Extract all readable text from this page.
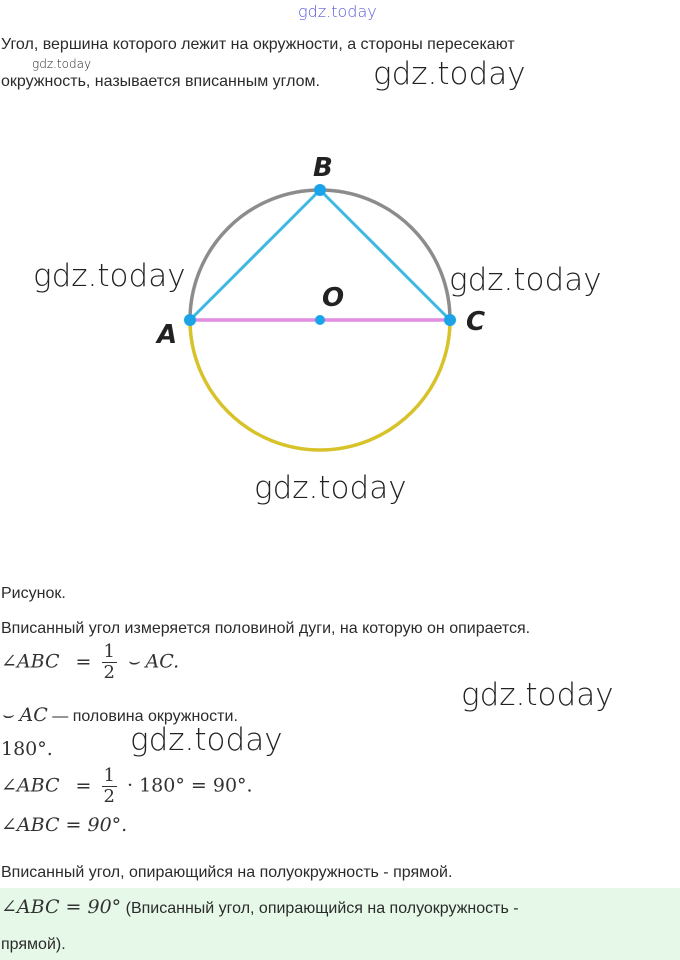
gdz.today
Угол, вершина которого лежит на окружности, а стороны пересекают
gdz.today
окружность, называется вписанным углом. gdz.today
B
O
A	C
gdz.today	gdz.today
gdz.today
Рисунок.
Вписанный угол измеряется половиной дуги, на которую он опирается.
∠ABC = $\frac{1}{2}$ ⌣ AC.
⌣ AC — половина окружности.
gdz.today
180°. gdz.today
∠ABC = $\frac{1}{2} \cdot 180^\circ = 90^\circ$.
∠ABC = 90°.
Вписанный угол, опирающийся на полуокружность - прямой.
∠ABC = 90° (Вписанный угол, опирающийся на полуокружность -
прямой).
